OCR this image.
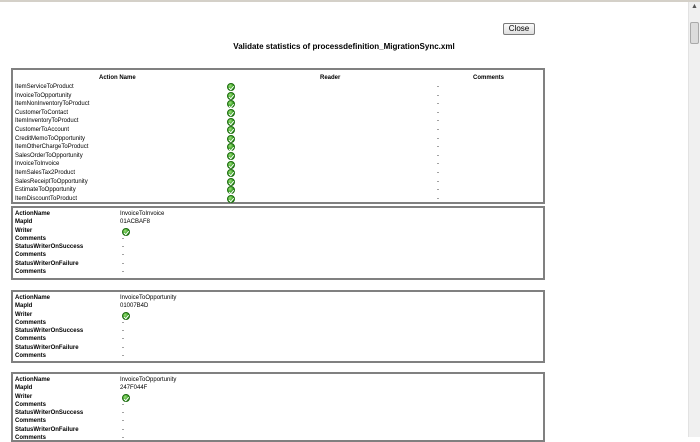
Close
Validate statistics of processdefinition_MigrationSync.xml
Action Name	Reader	Comments
ItemServiceToProduct	-
InvoiceToOpportunity	-
ItemNonInventoryToProduct	-
CustomerToContact	-
ItemInventoryToProduct	-
CustomerToAccount	-
CreditMemoToOpportunity	-
ItemOtherChargeToProduct	-
SalesOrderToOpportunity	-
InvoiceToInvoice	-
ItemSalesTax2Product	-
SalesReceiptToOpportunity	-
EstimateToOpportunity	-
ItemDiscountToProduct	-
ActionName	InvoiceToInvoice
MapId	01ACBAF8
Writer
Comments	-
StatusWriterOnSuccess	-
Comments	-
StatusWriterOnFailure	-
Comments	-
ActionName	InvoiceToOpportunity
MapId	01007B4D
Writer
Comments	-
StatusWriterOnSuccess	-
Comments	-
StatusWriterOnFailure	-
Comments	-
ActionName	InvoiceToOpportunity
MapId	247F044F
Writer
Comments	-
StatusWriterOnSuccess	-
Comments	-
StatusWriterOnFailure	-
Comments	-
▲
